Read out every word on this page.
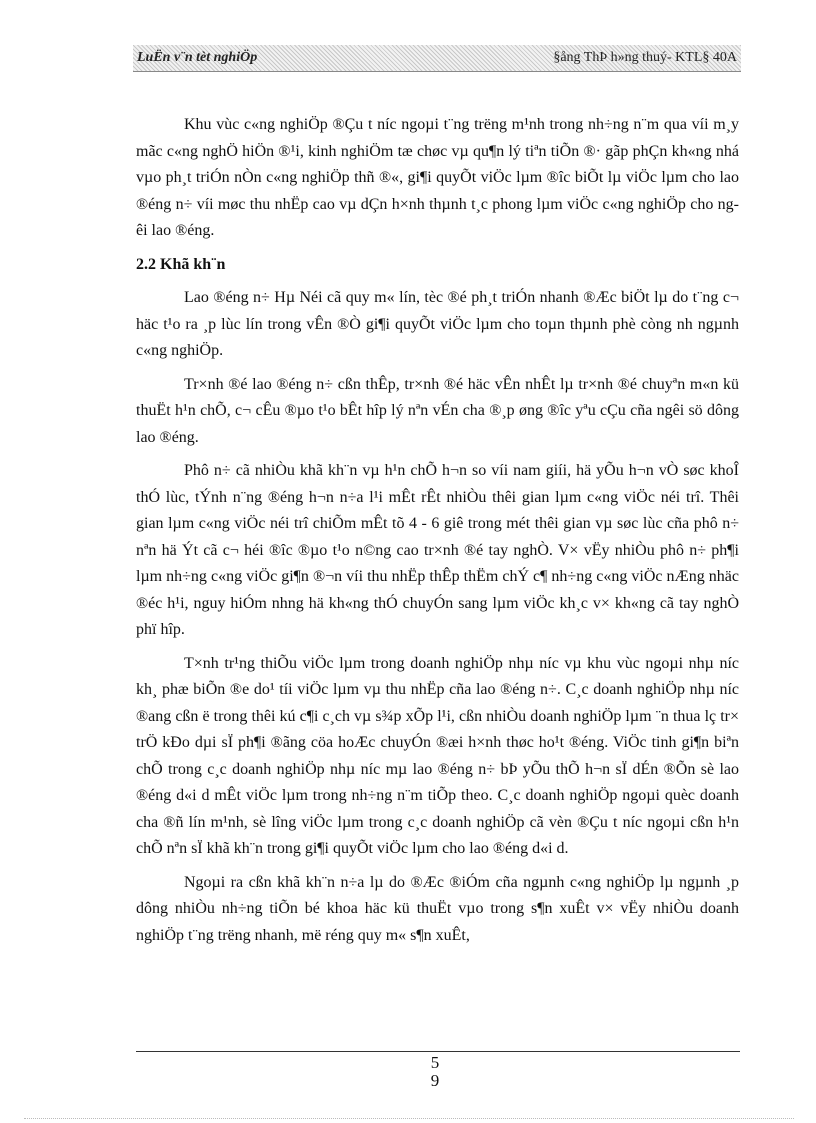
LuËn v¨n tèt nghiÖp	§ång ThÞ h»ng thuý- KTL§ 40A

Khu vùc c«ng nghiÖp ®Çu t níc ngoµi t¨ng trëng m¹nh trong nh÷ng n¨m qua víi m¸y mãc c«ng nghÖ hiÖn ®¹i, kinh nghiÖm tæ chøc vµ qu¶n lý tiªn tiÕn ®· gãp phÇn kh«ng nhá vµo ph¸t triÓn nÒn c«ng nghiÖp thñ ®«, gi¶i quyÕt viÖc lµm ®îc biÕt lµ viÖc lµm cho lao ®éng n÷ víi møc thu nhËp cao vµ dÇn h×nh thµnh t¸c phong lµm viÖc c«ng nghiÖp cho ngêi lao ®éng.

2.2 Khã kh¨n

Lao ®éng n÷ Hµ Néi cã quy m« lín, tèc ®é ph¸t triÓn nhanh ®Æc biÖt lµ do t¨ng c¬ häc t¹o ra ¸p lùc lín trong vÊn ®Ò gi¶i quyÕt viÖc lµm cho toµn thµnh phè còng nh ngµnh c«ng nghiÖp.

Tr×nh ®é lao ®éng n÷ cßn thÊp, tr×nh ®é häc vÊn nhÊt lµ tr×nh ®é chuyªn m«n kü thuËt h¹n chÕ, c¬ cÊu ®µo t¹o bÊt hîp lý nªn vÉn cha ®¸p øng ®îc yªu cÇu cña ngêi sö dông lao ®éng.

Phô n÷ cã nhiÒu khã kh¨n vµ h¹n chÕ h¬n so víi nam giíi, hä yÕu h¬n vÒ søc khoÎ thÓ lùc, tÝnh n¨ng ®éng h¬n n÷a l¹i mÊt rÊt nhiÒu thêi gian lµm c«ng viÖc néi trî. Thêi gian lµm c«ng viÖc néi trî chiÕm mÊt tõ 4 - 6 giê trong mét thêi gian vµ søc lùc cña phô n÷ nªn hä Ýt cã c¬ héi ®îc ®µo t¹o n©ng cao tr×nh ®é tay nghÒ. V× vËy nhiÒu phô n÷ ph¶i lµm nh÷ng c«ng viÖc gi¶n ®¬n víi thu nhËp thÊp thËm chÝ c¶ nh÷ng c«ng viÖc nÆng nhäc ®éc h¹i, nguy hiÓm nhng hä kh«ng thÓ chuyÓn sang lµm viÖc kh¸c v× kh«ng cã tay nghÒ phï hîp.

T×nh tr¹ng thiÕu viÖc lµm trong doanh nghiÖp nhµ níc vµ khu vùc ngoµi nhµ níc kh¸ phæ biÕn ®e do¹ tíi viÖc lµm vµ thu nhËp cña lao ®éng n÷. C¸c doanh nghiÖp nhµ níc ®ang cßn ë trong thêi kú c¶i c¸ch vµ s¾p xÕp l¹i, cßn nhiÒu doanh nghiÖp lµm ¨n thua lç tr× trÖ kÐo dµi sÏ ph¶i ®ãng cöa hoÆc chuyÓn ®æi h×nh thøc ho¹t ®éng. ViÖc tinh gi¶n biªn chÕ trong c¸c doanh nghiÖp nhµ níc mµ lao ®éng n÷ bÞ yÕu thÕ h¬n sÏ dÉn ®Õn sè lao ®éng d«i d mÊt viÖc lµm trong nh÷ng n¨m tiÕp theo. C¸c doanh nghiÖp ngoµi quèc doanh cha ®ñ lín m¹nh, sè lîng viÖc lµm trong c¸c doanh nghiÖp cã vèn ®Çu t níc ngoµi cßn h¹n chÕ nªn sÏ khã kh¨n trong gi¶i quyÕt viÖc lµm cho lao ®éng d«i d.

Ngoµi ra cßn khã kh¨n n÷a lµ do ®Æc ®iÓm cña ngµnh c«ng nghiÖp lµ ngµnh ¸p dông nhiÒu nh÷ng tiÕn bé khoa häc kü thuËt vµo trong s¶n xuÊt v× vËy nhiÒu doanh nghiÖp t¨ng trëng nhanh, më réng quy m« s¶n xuÊt,

5
9
